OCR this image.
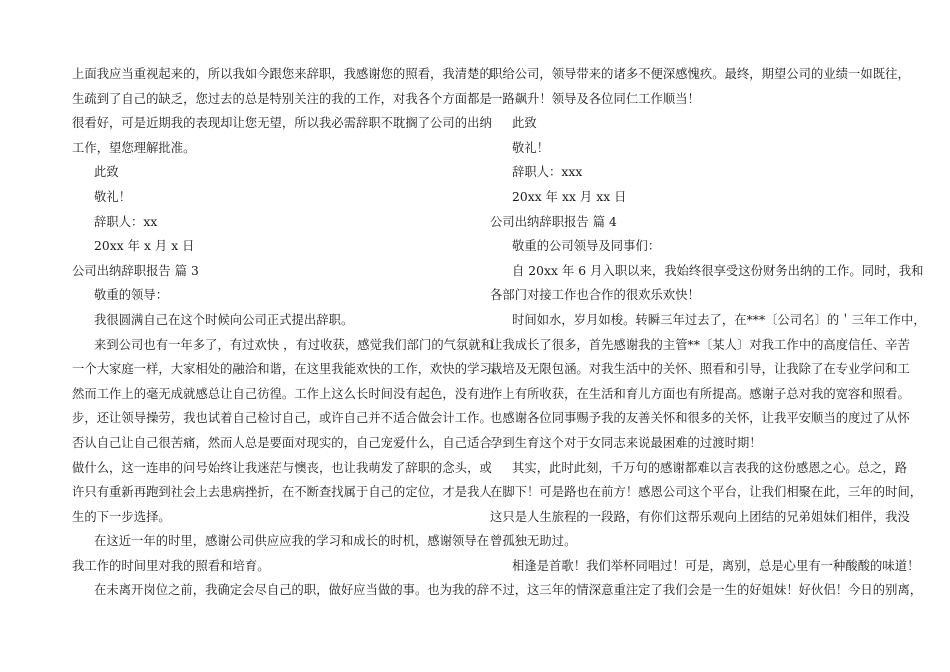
上面我应当重视起来的，所以我如今跟您来辞职，我感谢您的照看，我清楚的
生疏到了自己的缺乏，您过去的总是特别关注的我的工作，对我各个方面都是
很看好，可是近期我的表现却让您无望，所以我必需辞职不耽搁了公司的出纳
工作，望您理解批准。
此致
敬礼！
辞职人：xx
20xx 年 x 月 x 日
公司出纳辞职报告 篇 3
敬重的领导：
我很圆满自己在这个时候向公司正式提出辞职。
来到公司也有一年多了，有过欢快 ，有过收获，感觉我们部门的气氛就和
一个大家庭一样，大家相处的融洽和谐，在这里我能欢快的工作，欢快的学习。
然而工作上的毫无成就感总让自己彷徨。工作上这么长时间没有起色，没有进
步，还让领导操劳，我也试着自己检讨自己，或许自己并不适合做会计工作。
否认自己让自己很苦痛，然而人总是要面对现实的，自己宠爱什么，自己适合
做什么，这一连串的问号始终让我迷茫与懊丧，也让我萌发了辞职的念头，或
许只有重新再跑到社会上去患病挫折，在不断查找属于自己的定位，才是我人
生的下一步选择。
在这近一年的时里，感谢公司供应应我的学习和成长的时机，感谢领导在
我工作的时间里对我的照看和培育。
在未离开岗位之前，我确定会尽自己的职，做好应当做的事。也为我的辞
职给公司，领导带来的诸多不便深感愧疚。最终，期望公司的业绩一如既往，
一路飙升！领导及各位同仁工作顺当！
此致
敬礼！
辞职人：xxx
20xx 年 xx 月 xx 日
公司出纳辞职报告 篇 4
敬重的公司领导及同事们：
自 20xx 年 6 月入职以来，我始终很享受这份财务出纳的工作。同时，我和
各部门对接工作也合作的很欢乐欢快！
时间如水，岁月如梭。转瞬三年过去了，在***〔公司名〕的＇三年工作中，
让我成长了很多，首先感谢我的主管**〔某人〕对我工作中的高度信任、辛苦
栽培及无限包涵。对我生活中的关怀、照看和引导，让我除了在专业学问和工
作上有所收获，在生活和育儿方面也有所提高。感谢子总对我的宽容和照看。
也感谢各位同事赐予我的友善关怀和很多的关怀，让我平安顺当的度过了从怀
孕到生育这个对于女同志来说最困难的过渡时期！
其实，此时此刻，千万句的感谢都难以言表我的这份感恩之心。总之，路
在脚下！可是路也在前方！感恩公司这个平台，让我们相聚在此，三年的时间，
这只是人生旅程的一段路，有你们这帮乐观向上团结的兄弟姐妹们相伴，我没
曾孤独无助过。
相逢是首歌！我们举杯同唱过！可是，离别，总是心里有一种酸酸的味道！
不过，这三年的情深意重注定了我们会是一生的好姐妹！好伙侣！今日的别离，
